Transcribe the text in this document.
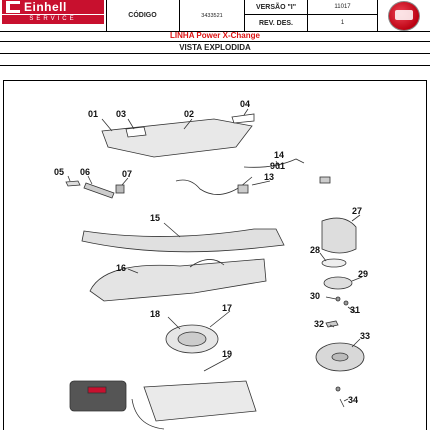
Einhell
SERVICE	CÓDIGO	3433521
VERSÃO "I"	11017
REV. DES.	1
LINHA Power X-Change
VISTA EXPLODIDA
01 03	02
04
14
901
05 06	07	13
15
27
28
16
29
18
17
30
31
32
33
19
34
